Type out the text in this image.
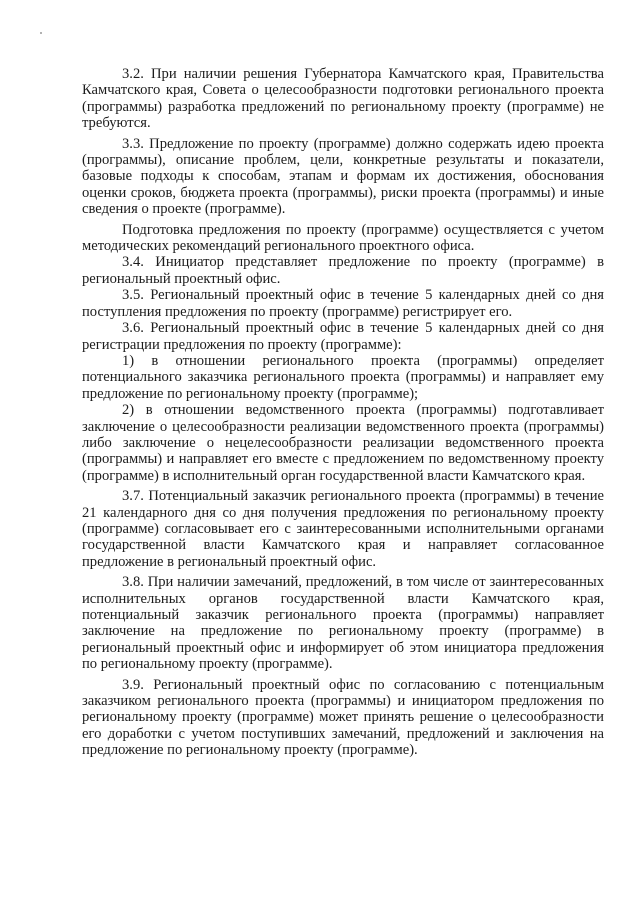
3.2. При наличии решения Губернатора Камчатского края, Правительства Камчатского края, Совета о целесообразности подготовки регионального проекта (программы) разработка предложений по региональному проекту (программе) не требуются.

3.3. Предложение по проекту (программе) должно содержать идею проекта (программы), описание проблем, цели, конкретные результаты и показатели, базовые подходы к способам, этапам и формам их достижения, обоснования оценки сроков, бюджета проекта (программы), риски проекта (программы) и иные сведения о проекте (программе).

Подготовка предложения по проекту (программе) осуществляется с учетом методических рекомендаций регионального проектного офиса.

3.4. Инициатор представляет предложение по проекту (программе) в региональный проектный офис.

3.5. Региональный проектный офис в течение 5 календарных дней со дня поступления предложения по проекту (программе) регистрирует его.

3.6. Региональный проектный офис в течение 5 календарных дней со дня регистрации предложения по проекту (программе):

1) в отношении регионального проекта (программы) определяет потенциального заказчика регионального проекта (программы) и направляет ему предложение по региональному проекту (программе);

2) в отношении ведомственного проекта (программы) подготавливает заключение о целесообразности реализации ведомственного проекта (программы) либо заключение о нецелесообразности реализации ведомственного проекта (программы) и направляет его вместе с предложением по ведомственному проекту (программе) в исполнительный орган государственной власти Камчатского края.

3.7. Потенциальный заказчик регионального проекта (программы) в течение 21 календарного дня со дня получения предложения по региональному проекту (программе) согласовывает его с заинтересованными исполнительными органами государственной власти Камчатского края и направляет согласованное предложение в региональный проектный офис.

3.8. При наличии замечаний, предложений, в том числе от заинтересованных исполнительных органов государственной власти Камчатского края, потенциальный заказчик регионального проекта (программы) направляет заключение на предложение по региональному проекту (программе) в региональный проектный офис и информирует об этом инициатора предложения по региональному проекту (программе).

3.9. Региональный проектный офис по согласованию с потенциальным заказчиком регионального проекта (программы) и инициатором предложения по региональному проекту (программе) может принять решение о целесообразности его доработки с учетом поступивших замечаний, предложений и заключения на предложение по региональному проекту (программе).
